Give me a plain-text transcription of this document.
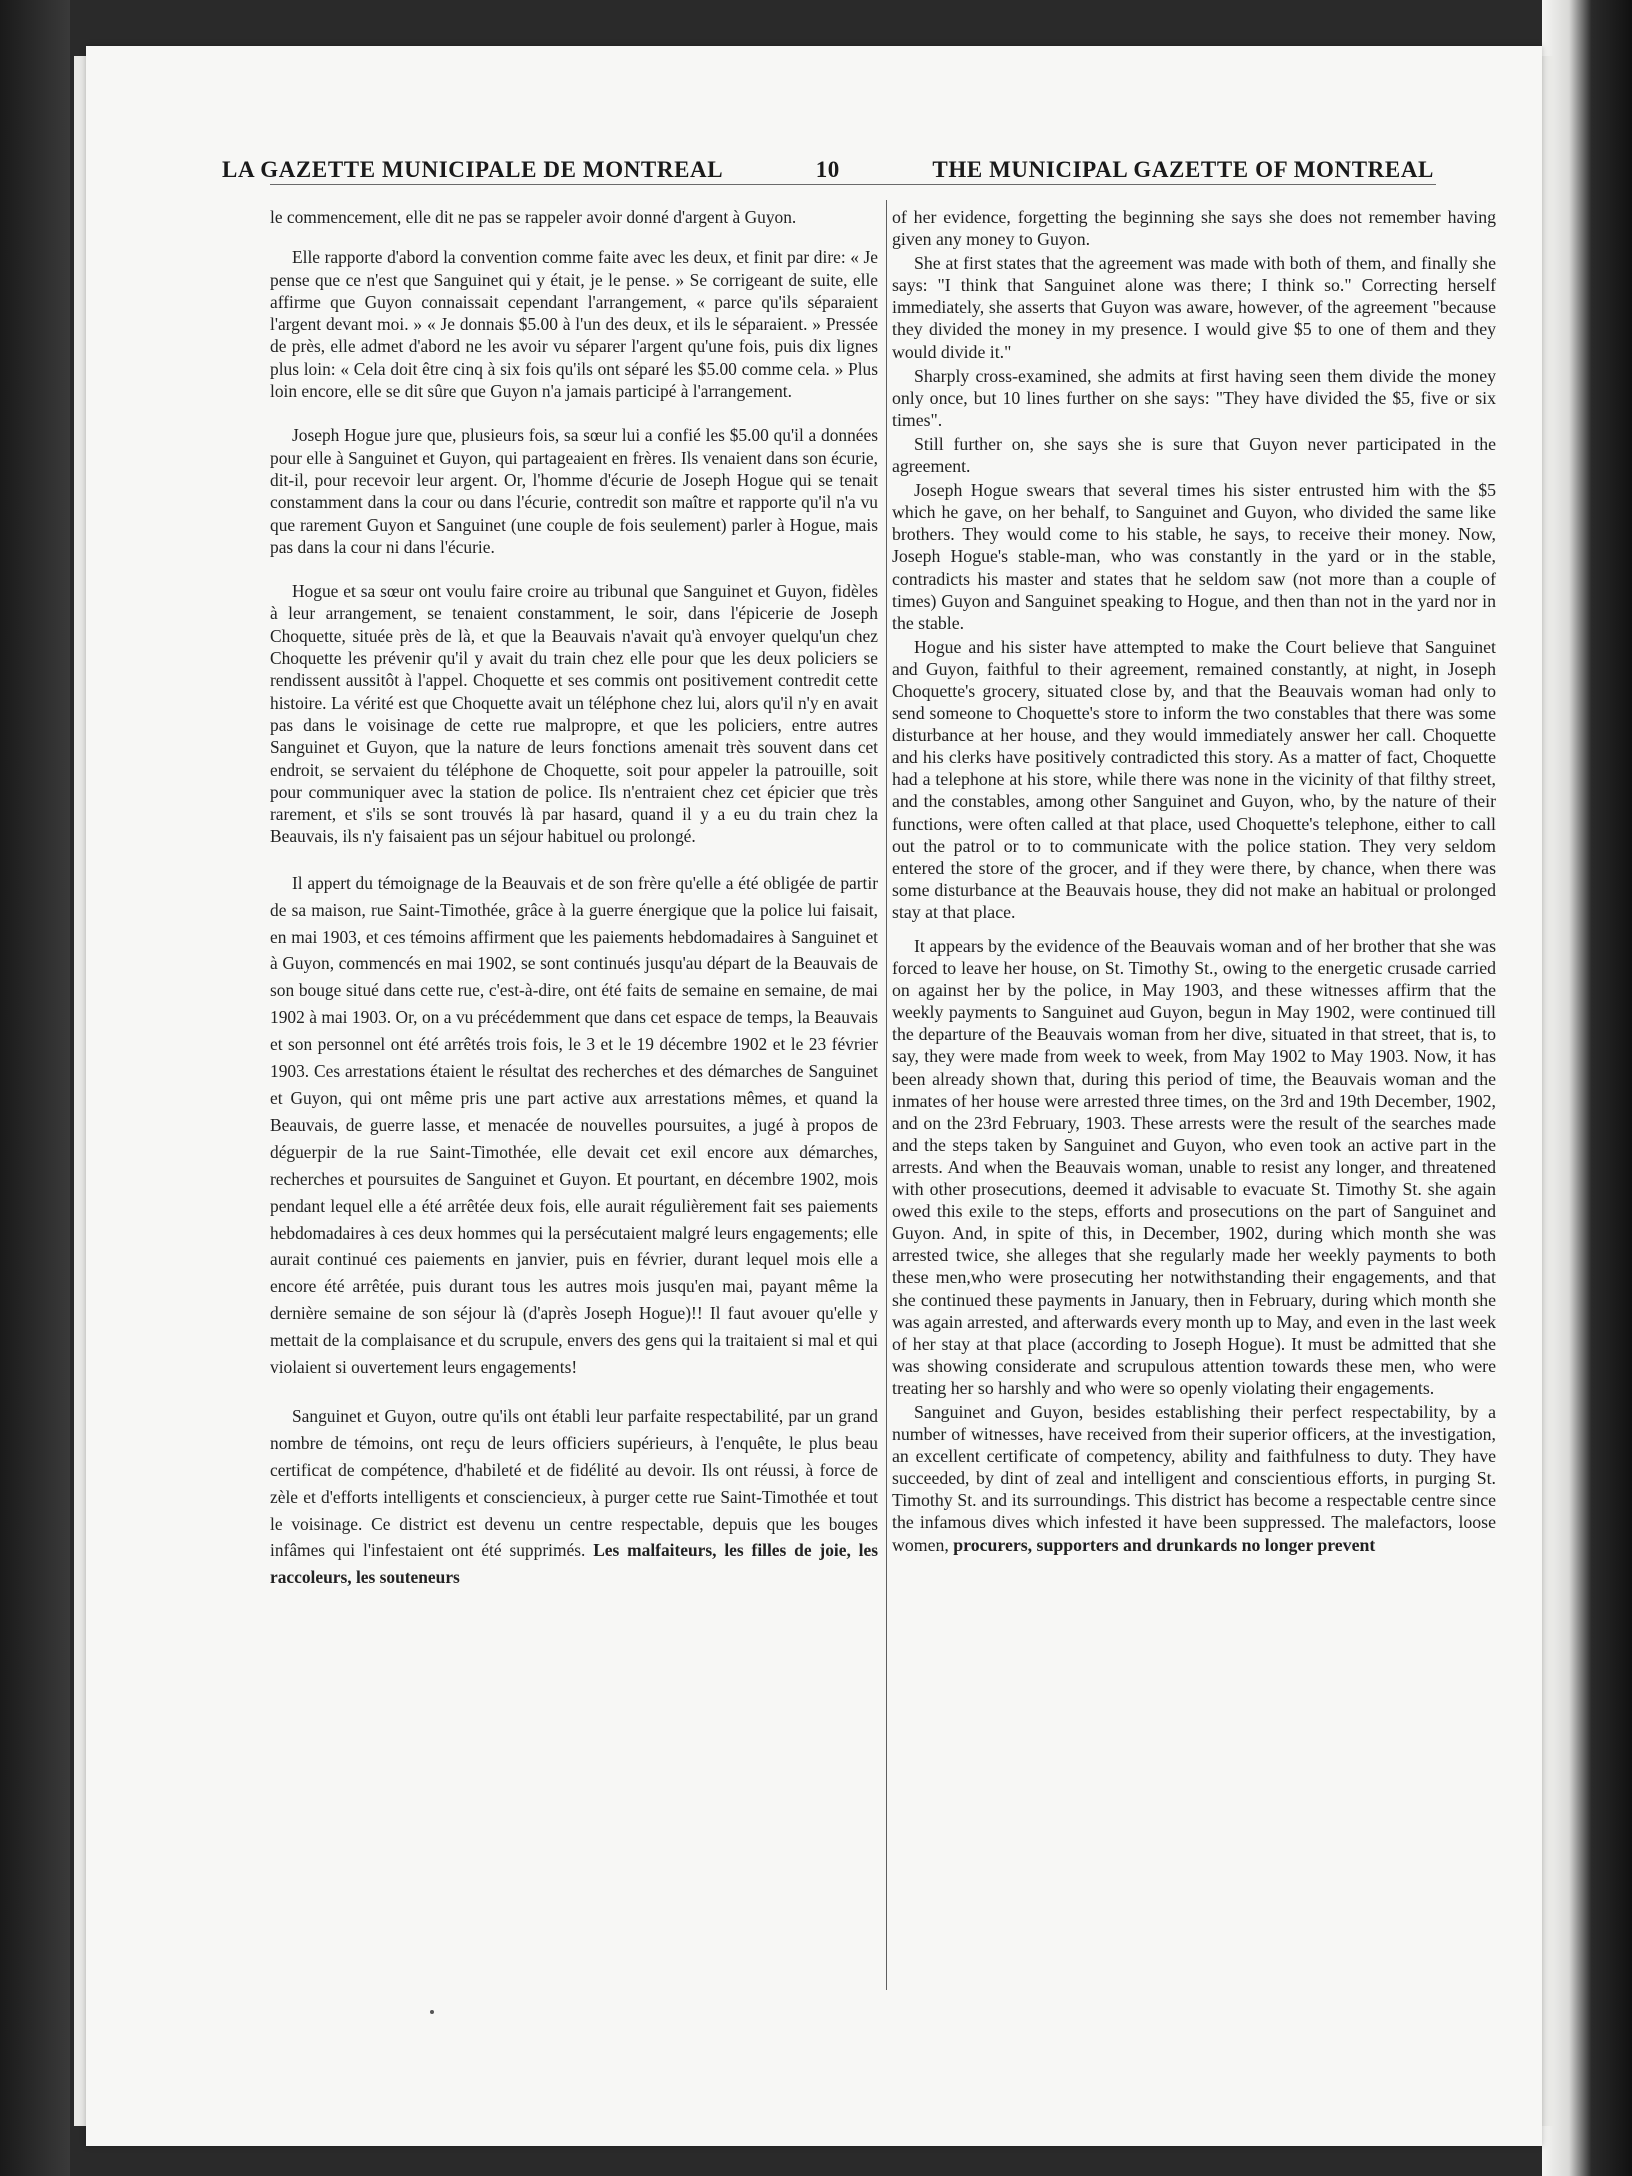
LA GAZETTE MUNICIPALE DE MONTREAL	10	THE MUNICIPAL GAZETTE OF MONTREAL

le commencement, elle dit ne pas se rappeler avoir donné d'argent à Guyon.

Elle rapporte d'abord la convention comme faite avec les deux, et finit par dire: « Je pense que ce n'est que Sanguinet qui y était, je le pense. » Se corrigeant de suite, elle affirme que Guyon connaissait cependant l'arrangement, « parce qu'ils séparaient l'argent devant moi. » « Je donnais $5.00 à l'un des deux, et ils le séparaient. » Pressée de près, elle admet d'abord ne les avoir vu séparer l'argent qu'une fois, puis dix lignes plus loin: « Cela doit être cinq à six fois qu'ils ont séparé les $5.00 comme cela. » Plus loin encore, elle se dit sûre que Guyon n'a jamais participé à l'arrangement.

Joseph Hogue jure que, plusieurs fois, sa sœur lui a confié les $5.00 qu'il a données pour elle à Sanguinet et Guyon, qui partageaient en frères. Ils venaient dans son écurie, dit-il, pour recevoir leur argent. Or, l'homme d'écurie de Joseph Hogue qui se tenait constamment dans la cour ou dans l'écurie, contredit son maître et rapporte qu'il n'a vu que rarement Guyon et Sanguinet (une couple de fois seulement) parler à Hogue, mais pas dans la cour ni dans l'écurie.

Hogue et sa sœur ont voulu faire croire au tribunal que Sanguinet et Guyon, fidèles à leur arrangement, se tenaient constamment, le soir, dans l'épicerie de Joseph Choquette, située près de là, et que la Beauvais n'avait qu'à envoyer quelqu'un chez Choquette les prévenir qu'il y avait du train chez elle pour que les deux policiers se rendissent aussitôt à l'appel. Choquette et ses commis ont positivement contredit cette histoire. La vérité est que Choquette avait un téléphone chez lui, alors qu'il n'y en avait pas dans le voisinage de cette rue malpropre, et que les policiers, entre autres Sanguinet et Guyon, que la nature de leurs fonctions amenait très souvent dans cet endroit, se servaient du téléphone de Choquette, soit pour appeler la patrouille, soit pour communiquer avec la station de police. Ils n'entraient chez cet épicier que très rarement, et s'ils se sont trouvés là par hasard, quand il y a eu du train chez la Beauvais, ils n'y faisaient pas un séjour habituel ou prolongé.

Il appert du témoignage de la Beauvais et de son frère qu'elle a été obligée de partir de sa maison, rue Saint-Timothée, grâce à la guerre énergique que la police lui faisait, en mai 1903, et ces témoins affirment que les paiements hebdomadaires à Sanguinet et à Guyon, commencés en mai 1902, se sont continués jusqu'au départ de la Beauvais de son bouge situé dans cette rue, c'est-à-dire, ont été faits de semaine en semaine, de mai 1902 à mai 1903. Or, on a vu précédemment que dans cet espace de temps, la Beauvais et son personnel ont été arrêtés trois fois, le 3 et le 19 décembre 1902 et le 23 février 1903. Ces arrestations étaient le résultat des recherches et des démarches de Sanguinet et Guyon, qui ont même pris une part active aux arrestations mêmes, et quand la Beauvais, de guerre lasse, et menacée de nouvelles poursuites, a jugé à propos de déguerpir de la rue Saint-Timothée, elle devait cet exil encore aux démarches, recherches et poursuites de Sanguinet et Guyon. Et pourtant, en décembre 1902, mois pendant lequel elle a été arrêtée deux fois, elle aurait régulièrement fait ses paiements hebdomadaires à ces deux hommes qui la persécutaient malgré leurs engagements; elle aurait continué ces paiements en janvier, puis en février, durant lequel mois elle a encore été arrêtée, puis durant tous les autres mois jusqu'en mai, payant même la dernière semaine de son séjour là (d'après Joseph Hogue)!! Il faut avouer qu'elle y mettait de la complaisance et du scrupule, envers des gens qui la traitaient si mal et qui violaient si ouvertement leurs engagements!

Sanguinet et Guyon, outre qu'ils ont établi leur parfaite respectabilité, par un grand nombre de témoins, ont reçu de leurs officiers supérieurs, à l'enquête, le plus beau certificat de compétence, d'habileté et de fidélité au devoir. Ils ont réussi, à force de zèle et d'efforts intelligents et consciencieux, à purger cette rue Saint-Timothée et tout le voisinage. Ce district est devenu un centre respectable, depuis que les bouges infâmes qui l'infestaient ont été supprimés. Les malfaiteurs, les filles de joie, les raccoleurs, les souteneurs

of her evidence, forgetting the beginning she says she does not remember having given any money to Guyon.

She at first states that the agreement was made with both of them, and finally she says: "I think that Sanguinet alone was there; I think so." Correcting herself immediately, she asserts that Guyon was aware, however, of the agreement "because they divided the money in my presence. I would give $5 to one of them and they would divide it."

Sharply cross-examined, she admits at first having seen them divide the money only once, but 10 lines further on she says: "They have divided the $5, five or six times".

Still further on, she says she is sure that Guyon never participated in the agreement.

Joseph Hogue swears that several times his sister entrusted him with the $5 which he gave, on her behalf, to Sanguinet and Guyon, who divided the same like brothers. They would come to his stable, he says, to receive their money. Now, Joseph Hogue's stable-man, who was constantly in the yard or in the stable, contradicts his master and states that he seldom saw (not more than a couple of times) Guyon and Sanguinet speaking to Hogue, and then than not in the yard nor in the stable.

Hogue and his sister have attempted to make the Court believe that Sanguinet and Guyon, faithful to their agreement, remained constantly, at night, in Joseph Choquette's grocery, situated close by, and that the Beauvais woman had only to send someone to Choquette's store to inform the two constables that there was some disturbance at her house, and they would immediately answer her call. Choquette and his clerks have positively contradicted this story. As a matter of fact, Choquette had a telephone at his store, while there was none in the vicinity of that filthy street, and the constables, among other Sanguinet and Guyon, who, by the nature of their functions, were often called at that place, used Choquette's telephone, either to call out the patrol or to to communicate with the police station. They very seldom entered the store of the grocer, and if they were there, by chance, when there was some disturbance at the Beauvais house, they did not make an habitual or prolonged stay at that place.

It appears by the evidence of the Beauvais woman and of her brother that she was forced to leave her house, on St. Timothy St., owing to the energetic crusade carried on against her by the police, in May 1903, and these witnesses affirm that the weekly payments to Sanguinet aud Guyon, begun in May 1902, were continued till the departure of the Beauvais woman from her dive, situated in that street, that is, to say, they were made from week to week, from May 1902 to May 1903. Now, it has been already shown that, during this period of time, the Beauvais woman and the inmates of her house were arrested three times, on the 3rd and 19th December, 1902, and on the 23rd February, 1903. These arrests were the result of the searches made and the steps taken by Sanguinet and Guyon, who even took an active part in the arrests. And when the Beauvais woman, unable to resist any longer, and threatened with other prosecutions, deemed it advisable to evacuate St. Timothy St. she again owed this exile to the steps, efforts and prosecutions on the part of Sanguinet and Guyon. And, in spite of this, in December, 1902, during which month she was arrested twice, she alleges that she regularly made her weekly payments to both these men,who were prosecuting her notwithstanding their engagements, and that she continued these payments in January, then in February, during which month she was again arrested, and afterwards every month up to May, and even in the last week of her stay at that place (according to Joseph Hogue). It must be admitted that she was showing considerate and scrupulous attention towards these men, who were treating her so harshly and who were so openly violating their engagements.

Sanguinet and Guyon, besides establishing their perfect respectability, by a number of witnesses, have received from their superior officers, at the investigation, an excellent certificate of competency, ability and faithfulness to duty. They have succeeded, by dint of zeal and intelligent and conscientious efforts, in purging St. Timothy St. and its surroundings. This district has become a respectable centre since the infamous dives which infested it have been suppressed. The malefactors, loose women, procurers, supporters and drunkards no longer prevent
